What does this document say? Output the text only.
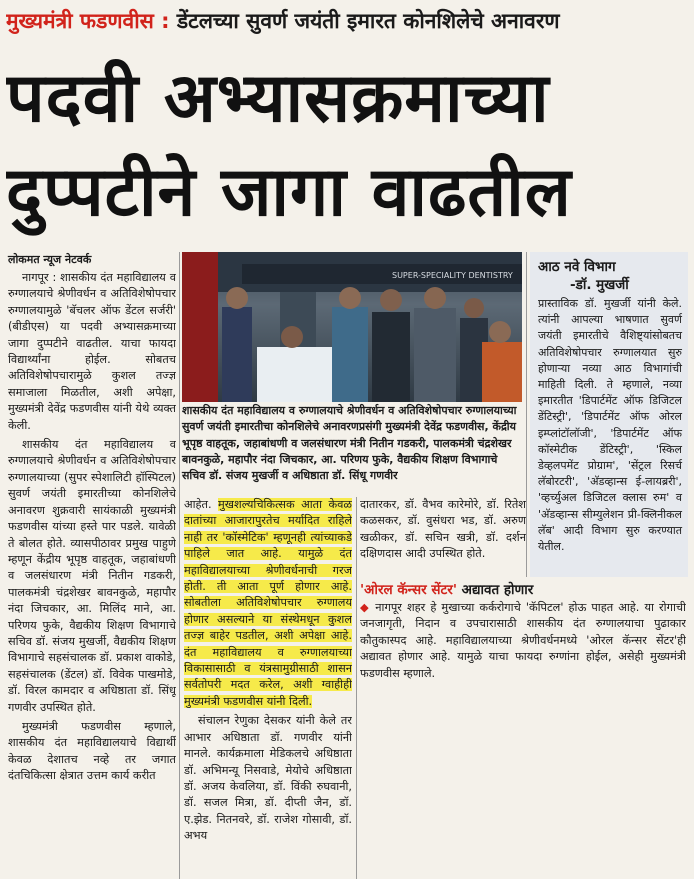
मुख्यमंत्री फडणवीस : डेंटलच्या सुवर्ण जयंती इमारत कोनशिलेचे अनावरण
पदवी अभ्यासक्रमाच्या
दुप्पटीने जागा वाढतील
लोकमत न्यूज नेटवर्क

नागपूर : शासकीय दंत महाविद्यालय व रुग्णालयाचे श्रेणीवर्धन व अतिविशेषोपचार रुग्णालयामुळे 'बॅचलर ऑफ डेंटल सर्जरी' (बीडीएस) या पदवी अभ्यासक्रमाच्या जागा दुप्पटीने वाढतील. याचा फायदा विद्यार्थ्यांना होईल. सोबतच अतिविशेषोपचारामुळे कुशल तज्ज्ञ समाजाला मिळतील, अशी अपेक्षा, मुख्यमंत्री देवेंद्र फडणवीस यांनी येथे व्यक्त केली.

शासकीय दंत महाविद्यालय व रुग्णालयाचे श्रेणीवर्धन व अतिविशेषोपचार रुग्णालयाच्या (सुपर स्पेशालिटी हॉस्पिटल) सुवर्ण जयंती इमारतीच्या कोनशिलेचे अनावरण शुक्रवारी सायंकाळी मुख्यमंत्री फडणवीस यांच्या हस्ते पार पडले. यावेळी ते बोलत होते. व्यासपीठावर प्रमुख पाहुणे म्हणून केंद्रीय भूपृष्ठ वाहतूक, जहाबांधणी व जलसंधारण मंत्री नितीन गडकरी, पालकमंत्री चंद्रशेखर बावनकुळे, महापौर नंदा जिचकार, आ. मिलिंद माने, आ. परिणय फुके, वैद्यकीय शिक्षण विभागाचे सचिव डॉ. संजय मुखर्जी, वैद्यकीय शिक्षण विभागाचे सहसंचालक डॉ. प्रकाश वाकोडे, सहसंचालक (डेंटल) डॉ. विवेक पाखमोडे, डॉ. विरल कामदार व अधिष्ठाता डॉ. सिंधू गणवीर उपस्थित होते.

मुख्यमंत्री फडणवीस म्हणाले, शासकीय दंत महाविद्यालयाचे विद्यार्थी केवळ देशातच नव्हे तर जगात दंतचिकित्सा क्षेत्रात उत्तम कार्य करीत

SUPER-SPECIALITY DENTISTRY
शासकीय दंत महाविद्यालय व रुग्णालयाचे श्रेणीवर्धन व अतिविशेषोपचार रुग्णालयाच्या सुवर्ण जयंती इमारतीचा कोनशिलेचे अनावरणप्रसंगी मुख्यमंत्री देवेंद्र फडणवीस, केंद्रीय भूपृष्ठ वाहतूक, जहाबांधणी व जलसंधारण मंत्री नितीन गडकरी, पालकमंत्री चंद्रशेखर बावनकुळे, महापौर नंदा जिचकार, आ. परिणय फुके, वैद्यकीय शिक्षण विभागाचे सचिव डॉ. संजय मुखर्जी व अधिष्ठाता डॉ. सिंधू गणवीर
आठ नवे विभाग
-डॉ. मुखर्जी
प्रास्ताविक डॉ. मुखर्जी यांनी केले. त्यांनी आपल्या भाषणात सुवर्ण जयंती इमारतीचे वैशिष्ट्यांसोबतच अतिविशेषोपचार रुग्णालयात सुरु होणाऱ्या नव्या आठ विभागांची माहिती दिली. ते म्हणाले, नव्या इमारतीत 'डिपार्टमेंट ऑफ डिजिटल डेंटिस्ट्री', 'डिपार्टमेंट ऑफ ओरल इम्प्लांटॉलॉजी', 'डिपार्टमेंट ऑफ कॉस्मेटीक डेंटिस्ट्री', 'स्किल डेव्हलपमेंट प्रोग्राम', 'सेंट्रल रिसर्च लॅबोरटरी', 'अ‍ॅडव्हान्स ई-लायब्ररी', 'व्हर्च्युअल डिजिटल क्लास रुम' व 'अ‍ॅडव्हान्स सीम्युलेशन प्री-क्लिनीकल लॅब' आदी विभाग सुरु करण्यात येतील.

आहेत. मुखशल्यचिकित्सक आता केवळ दातांच्या आजारापुरतेच मर्यादित राहिले नाही तर 'कॉस्मेटिक' म्हणूनही त्यांच्याकडे पाहिले जात आहे. यामुळे दंत महाविद्यालयाच्या श्रेणीवर्धनाची गरज होती. ती आता पूर्ण होणार आहे. सोबतीला अतिविशेषोपचार रुग्णालय होणार असल्याने या संस्थेमधून कुशल तज्ज्ञ बाहेर पडतील, अशी अपेक्षा आहे. दंत महाविद्यालय व रुग्णालयाच्या विकासासाठी व यंत्रसामुग्रीसाठी शासन सर्वतोपरी मदत करेल, अशी ग्वाहीही मुख्यमंत्री फडणवीस यांनी दिली.

संचालन रेणुका देसकर यांनी केले तर आभार अधिष्ठाता डॉ. गणवीर यांनी मानले. कार्यक्रमाला मेडिकलचे अधिष्ठाता डॉ. अभिमन्यू निसवाडे, मेयोचे अधिष्ठाता डॉ. अजय केवलिया, डॉ. विंकी रुघवानी, डॉ. सजल मित्रा, डॉ. दीप्ती जैन, डॉ. ए.झेड. नितनवरे, डॉ. राजेश गोसावी, डॉ. अभय

दातारकर, डॉ. वैभव कारेमोरे, डॉ. रितेश कळसकर, डॉ. वुसंधरा भड, डॉ. अरुण खळीकर, डॉ. सचिन खत्री, डॉ. दर्शन दक्षिणदास आदी उपस्थित होते.

'ओरल कॅन्सर सेंटर' अद्यावत होणार

◆ नागपूर शहर हे मुखाच्या कर्करोगाचे 'कॅपिटल' होऊ पाहत आहे. या रोगाची जनजागृती, निदान व उपचारासाठी शासकीय दंत रुग्णालयाचा पुढाकार कौतुकास्पद आहे. महाविद्यालयाच्या श्रेणीवर्धनमध्ये 'ओरल कॅन्सर सेंटर'ही अद्यावत होणार आहे. यामुळे याचा फायदा रुग्णांना होईल, असेही मुख्यमंत्री फडणवीस म्हणाले.
